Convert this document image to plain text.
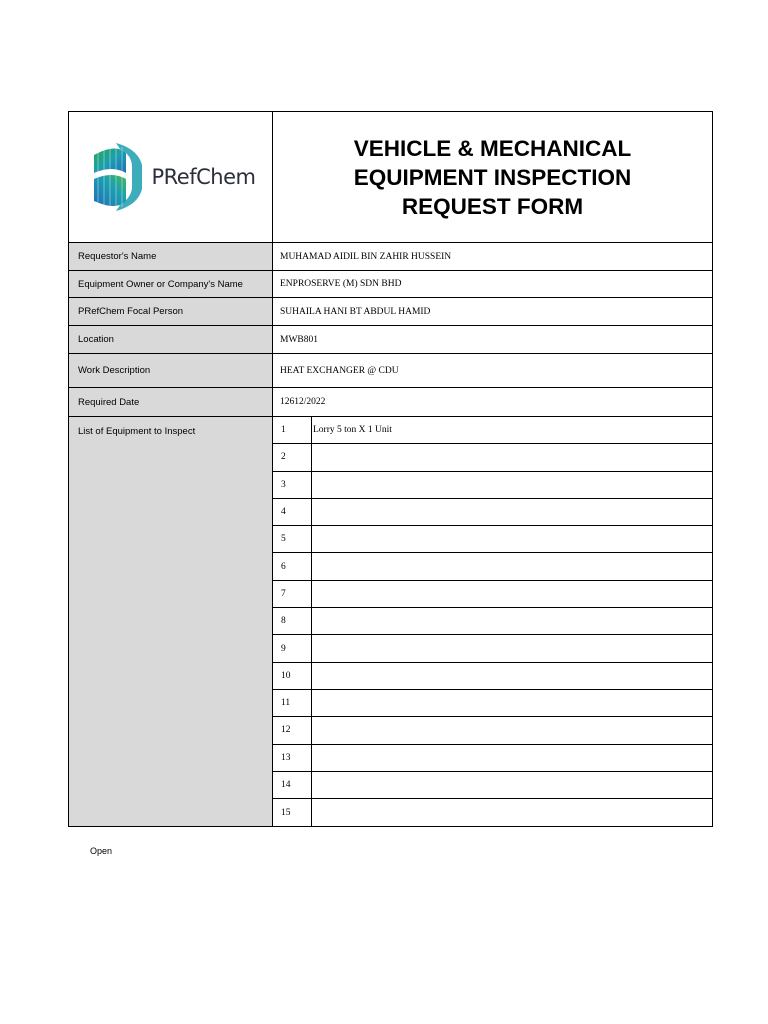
PRefChem
VEHICLE & MECHANICAL
EQUIPMENT INSPECTION
REQUEST FORM
Requestor's Name	MUHAMAD AIDIL BIN ZAHIR HUSSEIN
Equipment Owner or Company's Name	ENPROSERVE (M) SDN BHD
PRefChem Focal Person	SUHAILA HANI BT ABDUL HAMID
Location	MWB801
Work Description	HEAT EXCHANGER @ CDU
Required Date	12612/2022
List of Equipment to Inspect	1	Lorry 5 ton X 1 Unit
2
3
4
5
6
7
8
9
10
11
12
13
14
15
Open
